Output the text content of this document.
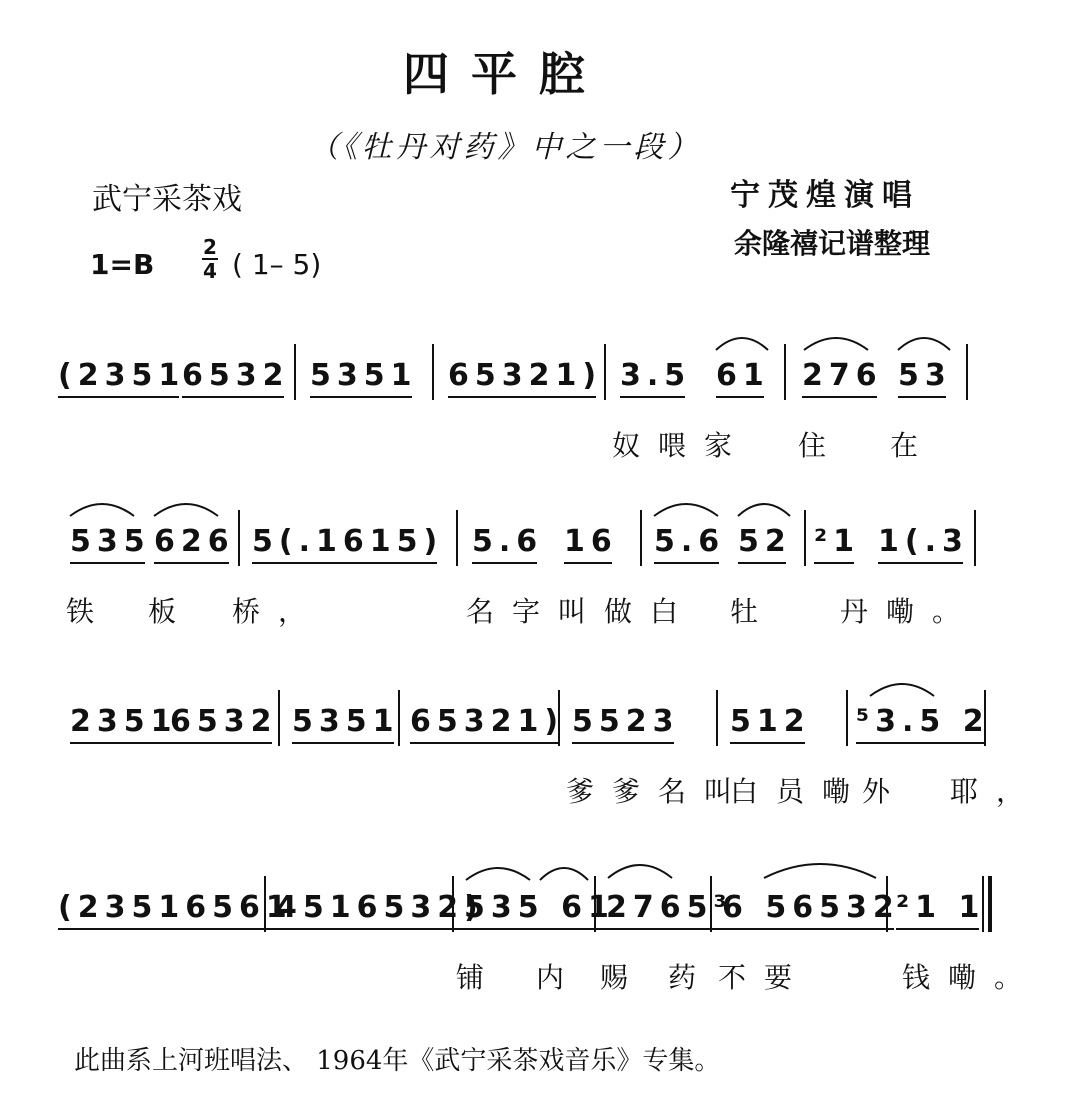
四平腔
（《牡丹对药》中之一段）
武宁采茶戏	宁茂煌演唱
余隆禧记谱整理
1=B
2
4 ( 1– 5)
(2351
6532 5351 65321) 3.5 61 276 53
奴喂家 住 在
535 626 5(.1615) 5.6 16 5.6 52 ²1 1(.3
铁 板 桥，	名字叫做白 牡 丹嘞。
2351
6532 5351 65321) 5523 512 ⁵3.5 2
爹爹名叫
白员嘞
外 耶，
(23516561
4516532)
535 61
2765³
6 56532
²1 1
铺 内 赐 药 不要	钱嘞。
此曲系上河班唱法、 1964年《武宁采茶戏音乐》专集。
